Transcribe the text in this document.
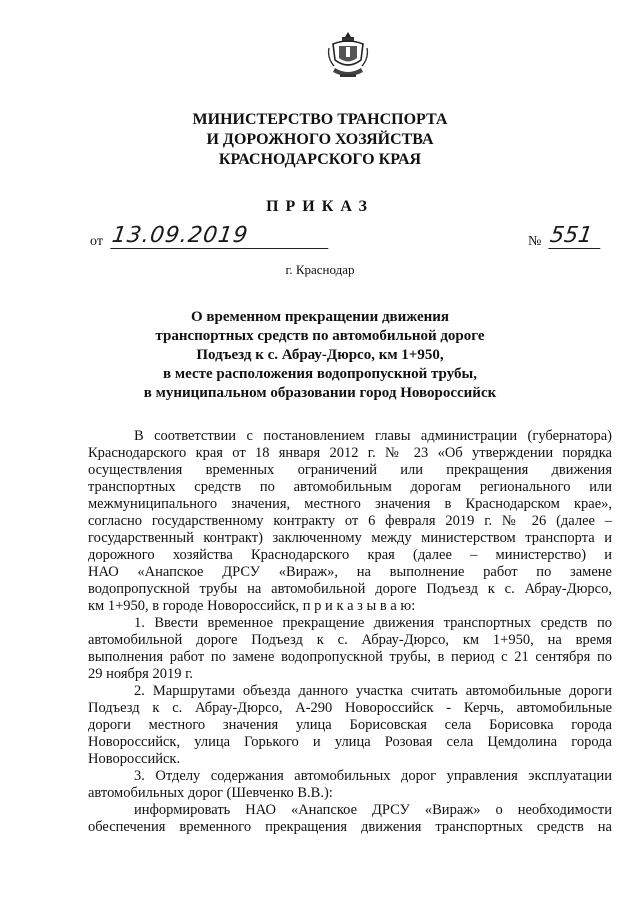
МИНИСТЕРСТВО ТРАНСПОРТА
И ДОРОЖНОГО ХОЗЯЙСТВА
КРАСНОДАРСКОГО КРАЯ
ПРИКАЗ
от 13.09.2019	№ 551
г. Краснодар
О временном прекращении движения
транспортных средств по автомобильной дороге
Подъезд к с. Абрау-Дюрсо, км 1+950,
в месте расположения водопропускной трубы,
в муниципальном образовании город Новороссийск
В соответствии с постановлением главы администрации (губернатора)
Краснодарского края от 18 января 2012 г. № 23 «Об утверждении порядка
осуществления временных ограничений или прекращения движения
транспортных средств по автомобильным дорогам регионального или
межмуниципального значения, местного значения в Краснодарском крае»,
согласно государственному контракту от 6 февраля 2019 г. № 26 (далее –
государственный контракт) заключенному между министерством транспорта и
дорожного хозяйства Краснодарского края (далее – министерство) и
НАО «Анапское ДРСУ «Вираж», на выполнение работ по замене
водопропускной трубы на автомобильной дороге Подъезд к с. Абрау-Дюрсо,
км 1+950, в городе Новороссийск, п р и к а з ы в а ю:
1. Ввести временное прекращение движения транспортных средств по
автомобильной дороге Подъезд к с. Абрау-Дюрсо, км 1+950, на время
выполнения работ по замене водопропускной трубы, в период с 21 сентября по
29 ноября 2019 г.
2. Маршрутами объезда данного участка считать автомобильные дороги
Подъезд к с. Абрау-Дюрсо, А-290 Новороссийск - Керчь, автомобильные
дороги местного значения улица Борисовская села Борисовка города
Новороссийск, улица Горького и улица Розовая села Цемдолина города
Новороссийск.
3. Отделу содержания автомобильных дорог управления эксплуатации
автомобильных дорог (Шевченко В.В.):
информировать НАО «Анапское ДРСУ «Вираж» о необходимости
обеспечения временного прекращения движения транспортных средств на
